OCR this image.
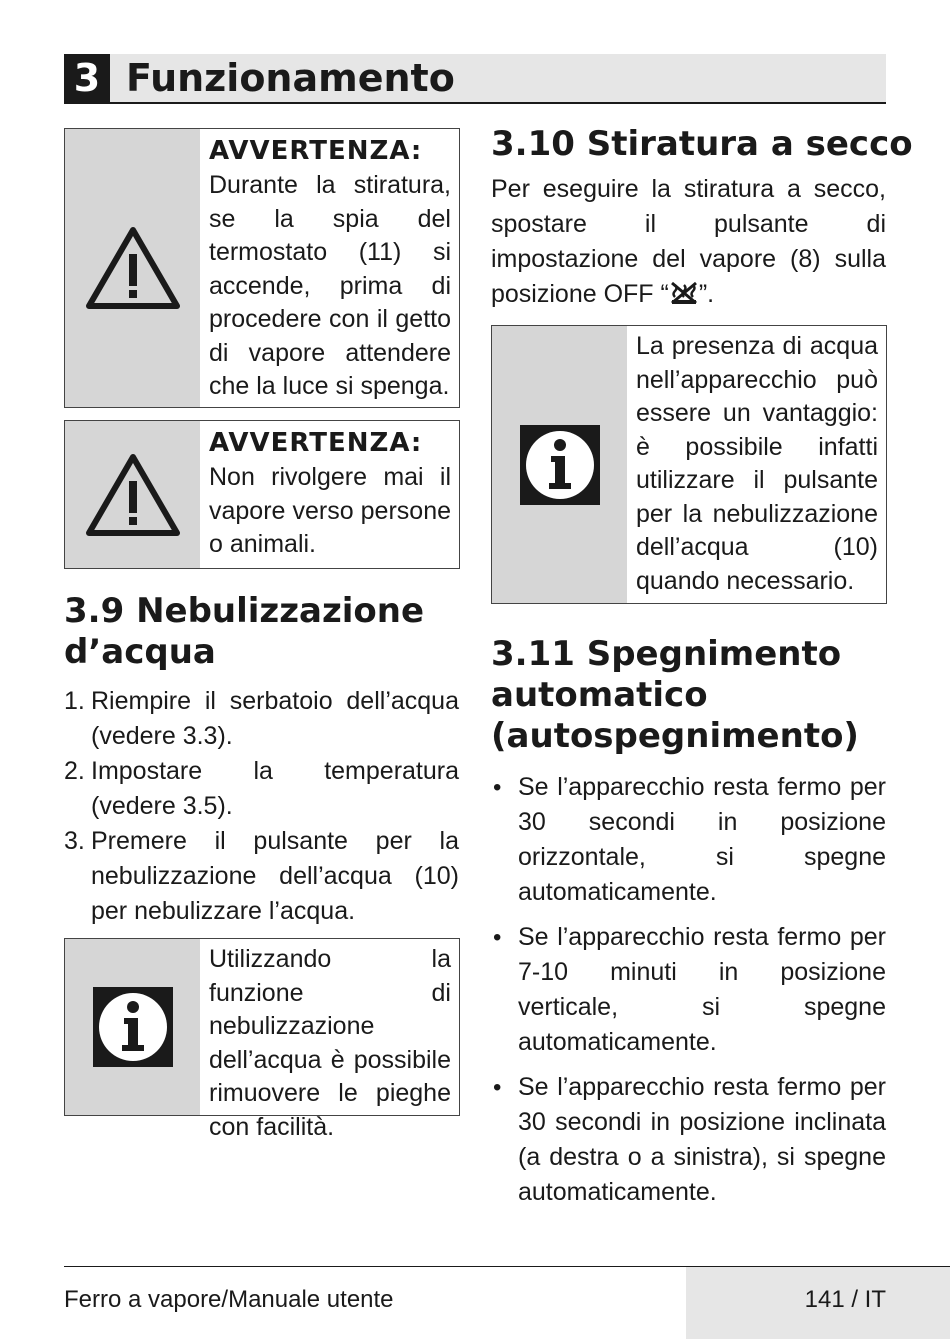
3 Funzionamento
AVVERTENZA:
Durante la stiratura, se la spia del termostato (11) si accende, prima di procedere con il getto di vapore attendere che la luce si spenga.
AVVERTENZA:
Non rivolgere mai il vapore verso persone o animali.
3.9 Nebulizzazione d’acqua
1. Riempire il serbatoio dell’acqua (vedere 3.3).
2. Impostare la temperatura (vedere 3.5).
3. Premere il pulsante per la nebulizzazione dell’acqua (10) per nebulizzare l’acqua.
Utilizzando la funzione di nebulizzazione dell’acqua è possibile rimuovere le pieghe con facilità.
3.10 Stiratura a secco

Per eseguire la stiratura a secco, spostare il pulsante di impostazione del vapore (8) sulla posizione OFF “ ”.

La presenza di acqua nell’apparecchio può essere un vantaggio: è possibile infatti utilizzare il pulsante per la nebulizzazione dell’acqua (10) quando necessario.
3.11 Spegnimento automatico (autospegnimento)
• Se l’apparecchio resta fermo per 30 secondi in posizione orizzontale, si spegne automaticamente.
• Se l’apparecchio resta fermo per 7-10 minuti in posizione verticale, si spegne automaticamente.
• Se l’apparecchio resta fermo per 30 secondi in posizione inclinata (a destra o a sinistra), si spegne automaticamente.
Ferro a vapore/Manuale utente	141 / IT
